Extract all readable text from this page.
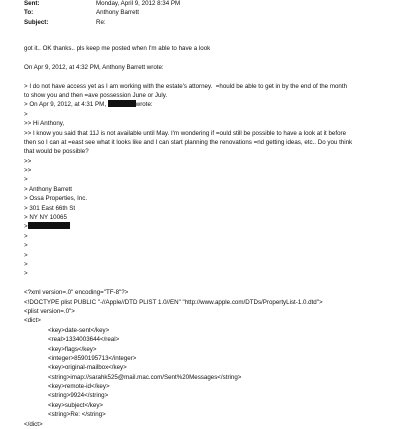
Sent:	Monday, April 9, 2012 8:34 PM
To:	Anthony Barrett
Subject:	Re:
got it.. OK thanks.. pls keep me posted when I'm able to have a look
On Apr 9, 2012, at 4:32 PM, Anthony Barrett wrote:
> I do not have access yet as I am working with the estate's attorney.  =hould be able to get in by the end of the month
to show you and then =ave possession June or July.
> On Apr 9, 2012, at 4:31 PM,	wrote:
>
>> Hi Anthony,
>> I know you said that 11J is not available until May. I'm wondering if =ould still be possible to have a look at it before
then so I can at =east see what it looks like and I can start planning the renovations =nd getting ideas, etc.. Do you think
that would be possible?
>>
>>
>
> Anthony Barrett
> Ossa Properties, Inc.
> 301 East 66th St
> NY NY 10065
>
>
>
>
>
>
<?xml version=.0" encoding="TF-8"?>
<!DOCTYPE plist PUBLIC "-//Apple//DTD PLIST 1.0//EN" "http://www.apple.com/DTDs/PropertyList-1.0.dtd">
<plist version=.0">
<dict>
<key>date-sent</key>
<real>1334003644</real>
<key>flags</key>
<integer>8590195713</integer>
<key>original-mailbox</key>
<string>imap://sarahk525@mail.mac.com/Sent%20Messages</string>
<key>remote-id</key>
<string>9924</string>
<key>subject</key>
<string>Re: </string>
</dict>
